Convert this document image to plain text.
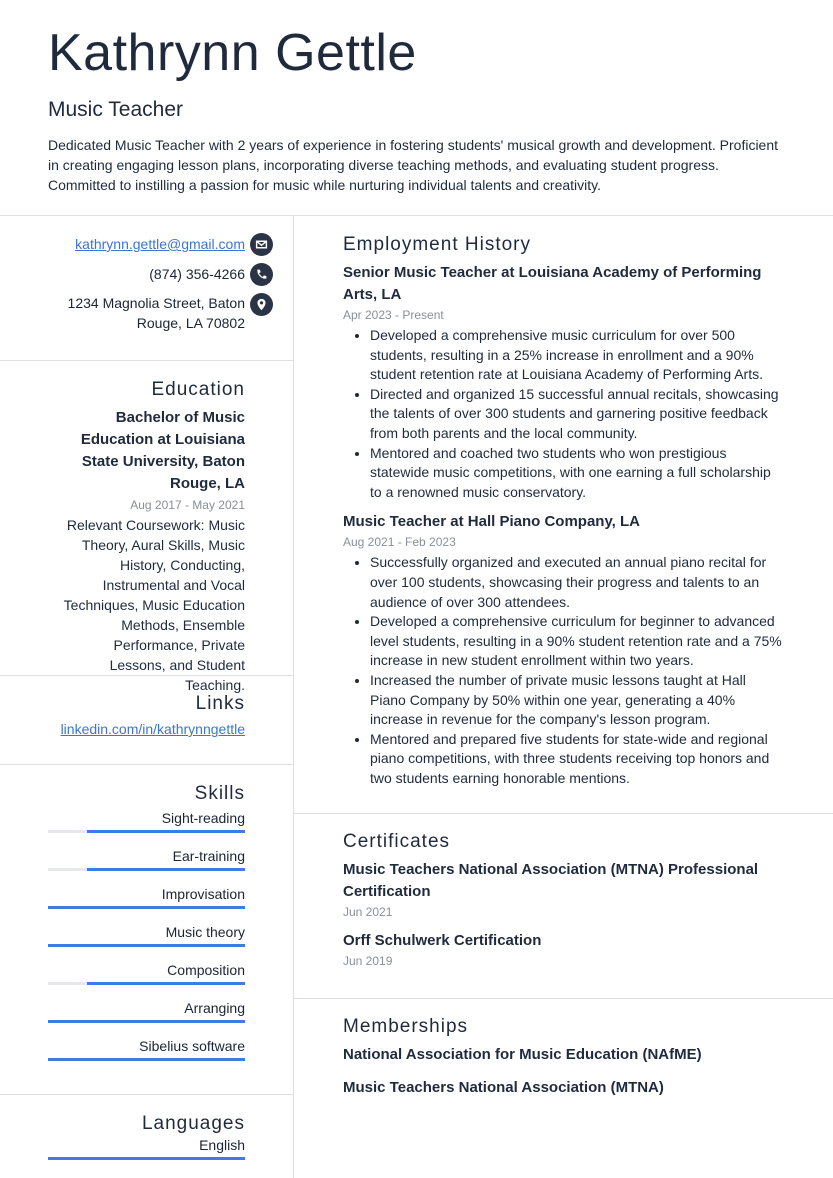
Kathrynn Gettle
Music Teacher
Dedicated Music Teacher with 2 years of experience in fostering students' musical growth and development. Proficient in creating engaging lesson plans, incorporating diverse teaching methods, and evaluating student progress. Committed to instilling a passion for music while nurturing individual talents and creativity.
kathrynn.gettle@gmail.com
(874) 356-4266
1234 Magnolia Street, Baton Rouge, LA 70802
Education
Bachelor of Music Education at Louisiana State University, Baton Rouge, LA
Aug 2017 - May 2021
Relevant Coursework: Music Theory, Aural Skills, Music History, Conducting, Instrumental and Vocal Techniques, Music Education Methods, Ensemble Performance, Private Lessons, and Student Teaching.
Links
linkedin.com/in/kathrynngettle
Skills
Sight-reading
Ear-training
Improvisation
Music theory
Composition
Arranging
Sibelius software
Languages
English
Employment History
Senior Music Teacher at Louisiana Academy of Performing Arts, LA
Apr 2023 - Present
• Developed a comprehensive music curriculum for over 500 students, resulting in a 25% increase in enrollment and a 90% student retention rate at Louisiana Academy of Performing Arts.
• Directed and organized 15 successful annual recitals, showcasing the talents of over 300 students and garnering positive feedback from both parents and the local community.
• Mentored and coached two students who won prestigious statewide music competitions, with one earning a full scholarship to a renowned music conservatory.
Music Teacher at Hall Piano Company, LA
Aug 2021 - Feb 2023
• Successfully organized and executed an annual piano recital for over 100 students, showcasing their progress and talents to an audience of over 300 attendees.
• Developed a comprehensive curriculum for beginner to advanced level students, resulting in a 90% student retention rate and a 75% increase in new student enrollment within two years.
• Increased the number of private music lessons taught at Hall Piano Company by 50% within one year, generating a 40% increase in revenue for the company's lesson program.
• Mentored and prepared five students for state-wide and regional piano competitions, with three students receiving top honors and two students earning honorable mentions.
Certificates
Music Teachers National Association (MTNA) Professional Certification
Jun 2021
Orff Schulwerk Certification
Jun 2019
Memberships
National Association for Music Education (NAfME)
Music Teachers National Association (MTNA)
